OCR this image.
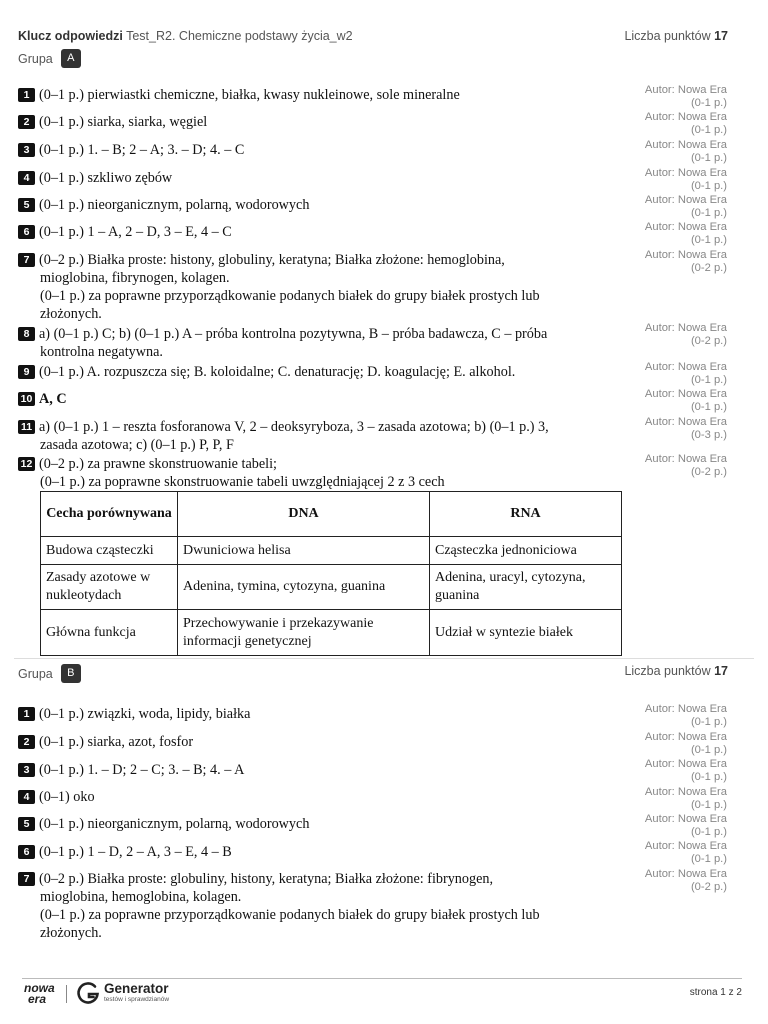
Klucz odpowiedzi Test_R2. Chemiczne podstawy życia_w2	Liczba punktów 17
Grupa	A
1 (0–1 p.) pierwiastki chemiczne, białka, kwasy nukleinowe, sole mineralne	Autor: Nowa Era
(0-1 p.)
2 (0–1 p.) siarka, siarka, węgiel	Autor: Nowa Era
(0-1 p.)
3 (0–1 p.) 1. – B; 2 – A; 3. – D; 4. – C	Autor: Nowa Era
(0-1 p.)
4 (0–1 p.) szkliwo zębów	Autor: Nowa Era
(0-1 p.)
5 (0–1 p.) nieorganicznym, polarną, wodorowych	Autor: Nowa Era
(0-1 p.)
6 (0–1 p.) 1 – A, 2 – D, 3 – E, 4 – C	Autor: Nowa Era
(0-1 p.)
7 (0–2 p.) Białka proste: histony, globuliny, keratyna; Białka złożone: hemoglobina,
mioglobina, fibrynogen, kolagen.
(0–1 p.) za poprawne przyporządkowanie podanych białek do grupy białek prostych lub
złożonych.
Autor: Nowa Era
(0-2 p.)
8 a) (0–1 p.) C; b) (0–1 p.) A – próba kontrolna pozytywna, B – próba badawcza, C – próba
kontrolna negatywna.
Autor: Nowa Era
(0-2 p.)
9 (0–1 p.) A. rozpuszcza się; B. koloidalne; C. denaturację; D. koagulację; E. alkohol.	Autor: Nowa Era
(0-1 p.)
10 A, C	Autor: Nowa Era
(0-1 p.)
11 a) (0–1 p.) 1 – reszta fosforanowa V, 2 – deoksyryboza, 3 – zasada azotowa; b) (0–1 p.) 3,
zasada azotowa; c) (0–1 p.) P, P, F
Autor: Nowa Era
(0-3 p.)
12 (0–2 p.) za prawne skonstruowanie tabeli;
(0–1 p.) za poprawne skonstruowanie tabeli uwzględniającej 2 z 3 cech
Autor: Nowa Era
(0-2 p.)
Cecha porównywana	DNA	RNA
Budowa cząsteczki	Dwuniciowa helisa	Cząsteczka jednoniciowa
Zasady azotowe w nukleotydach	Adenina, tymina, cytozyna, guanina	Adenina, uracyl, cytozyna, guanina
Główna funkcja	Przechowywanie i przekazywanie informacji genetycznej	Udział w syntezie białek
Grupa	B	Liczba punktów 17
1 (0–1 p.) związki, woda, lipidy, białka	Autor: Nowa Era
(0-1 p.)
2 (0–1 p.) siarka, azot, fosfor	Autor: Nowa Era
(0-1 p.)
3 (0–1 p.) 1. – D; 2 – C; 3. – B; 4. – A	Autor: Nowa Era
(0-1 p.)
4 (0–1) oko	Autor: Nowa Era
(0-1 p.)
5 (0–1 p.) nieorganicznym, polarną, wodorowych	Autor: Nowa Era
(0-1 p.)
6 (0–1 p.) 1 – D, 2 – A, 3 – E, 4 – B	Autor: Nowa Era
(0-1 p.)
7 (0–2 p.) Białka proste: globuliny, histony, keratyna; Białka złożone: fibrynogen,
mioglobina, hemoglobina, kolagen.
(0–1 p.) za poprawne przyporządkowanie podanych białek do grupy białek prostych lub
złożonych.
Autor: Nowa Era
(0-2 p.)
nowa
era
Generator
testów i sprawdzianów
strona 1 z 2
